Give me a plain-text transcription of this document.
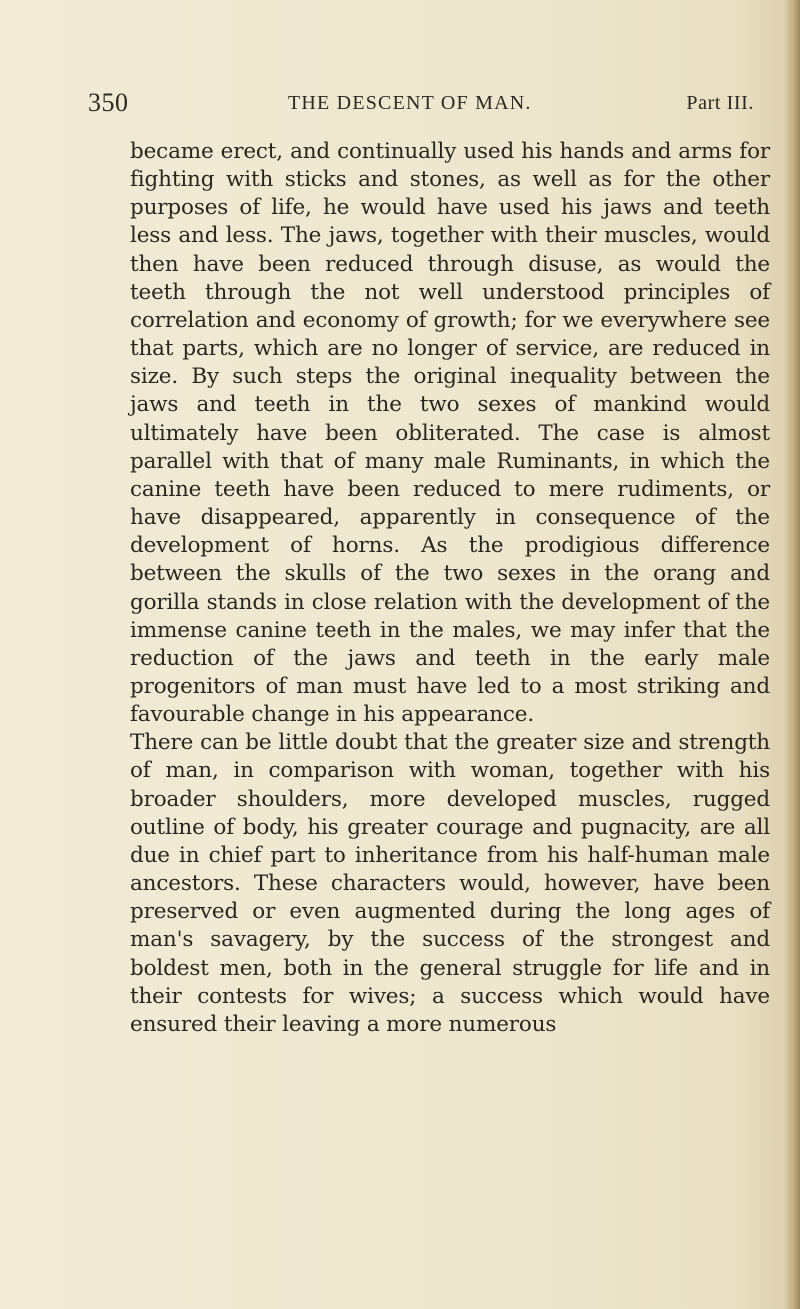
350	THE DESCENT OF MAN.	Part III.

became erect, and continually used his hands and arms for fighting with sticks and stones, as well as for the other purposes of life, he would have used his jaws and teeth less and less. The jaws, together with their muscles, would then have been reduced through disuse, as would the teeth through the not well understood principles of correlation and economy of growth; for we everywhere see that parts, which are no longer of service, are reduced in size. By such steps the original inequality between the jaws and teeth in the two sexes of mankind would ultimately have been obliterated. The case is almost parallel with that of many male Ruminants, in which the canine teeth have been reduced to mere rudiments, or have disappeared, apparently in consequence of the development of horns. As the prodigious difference between the skulls of the two sexes in the orang and gorilla stands in close relation with the development of the immense canine teeth in the males, we may infer that the reduction of the jaws and teeth in the early male progenitors of man must have led to a most striking and favourable change in his appearance.

There can be little doubt that the greater size and strength of man, in comparison with woman, together with his broader shoulders, more developed muscles, rugged outline of body, his greater courage and pugnacity, are all due in chief part to inheritance from his half-human male ancestors. These characters would, however, have been preserved or even augmented during the long ages of man's savagery, by the success of the strongest and boldest men, both in the general struggle for life and in their contests for wives; a success which would have ensured their leaving a more numerous
